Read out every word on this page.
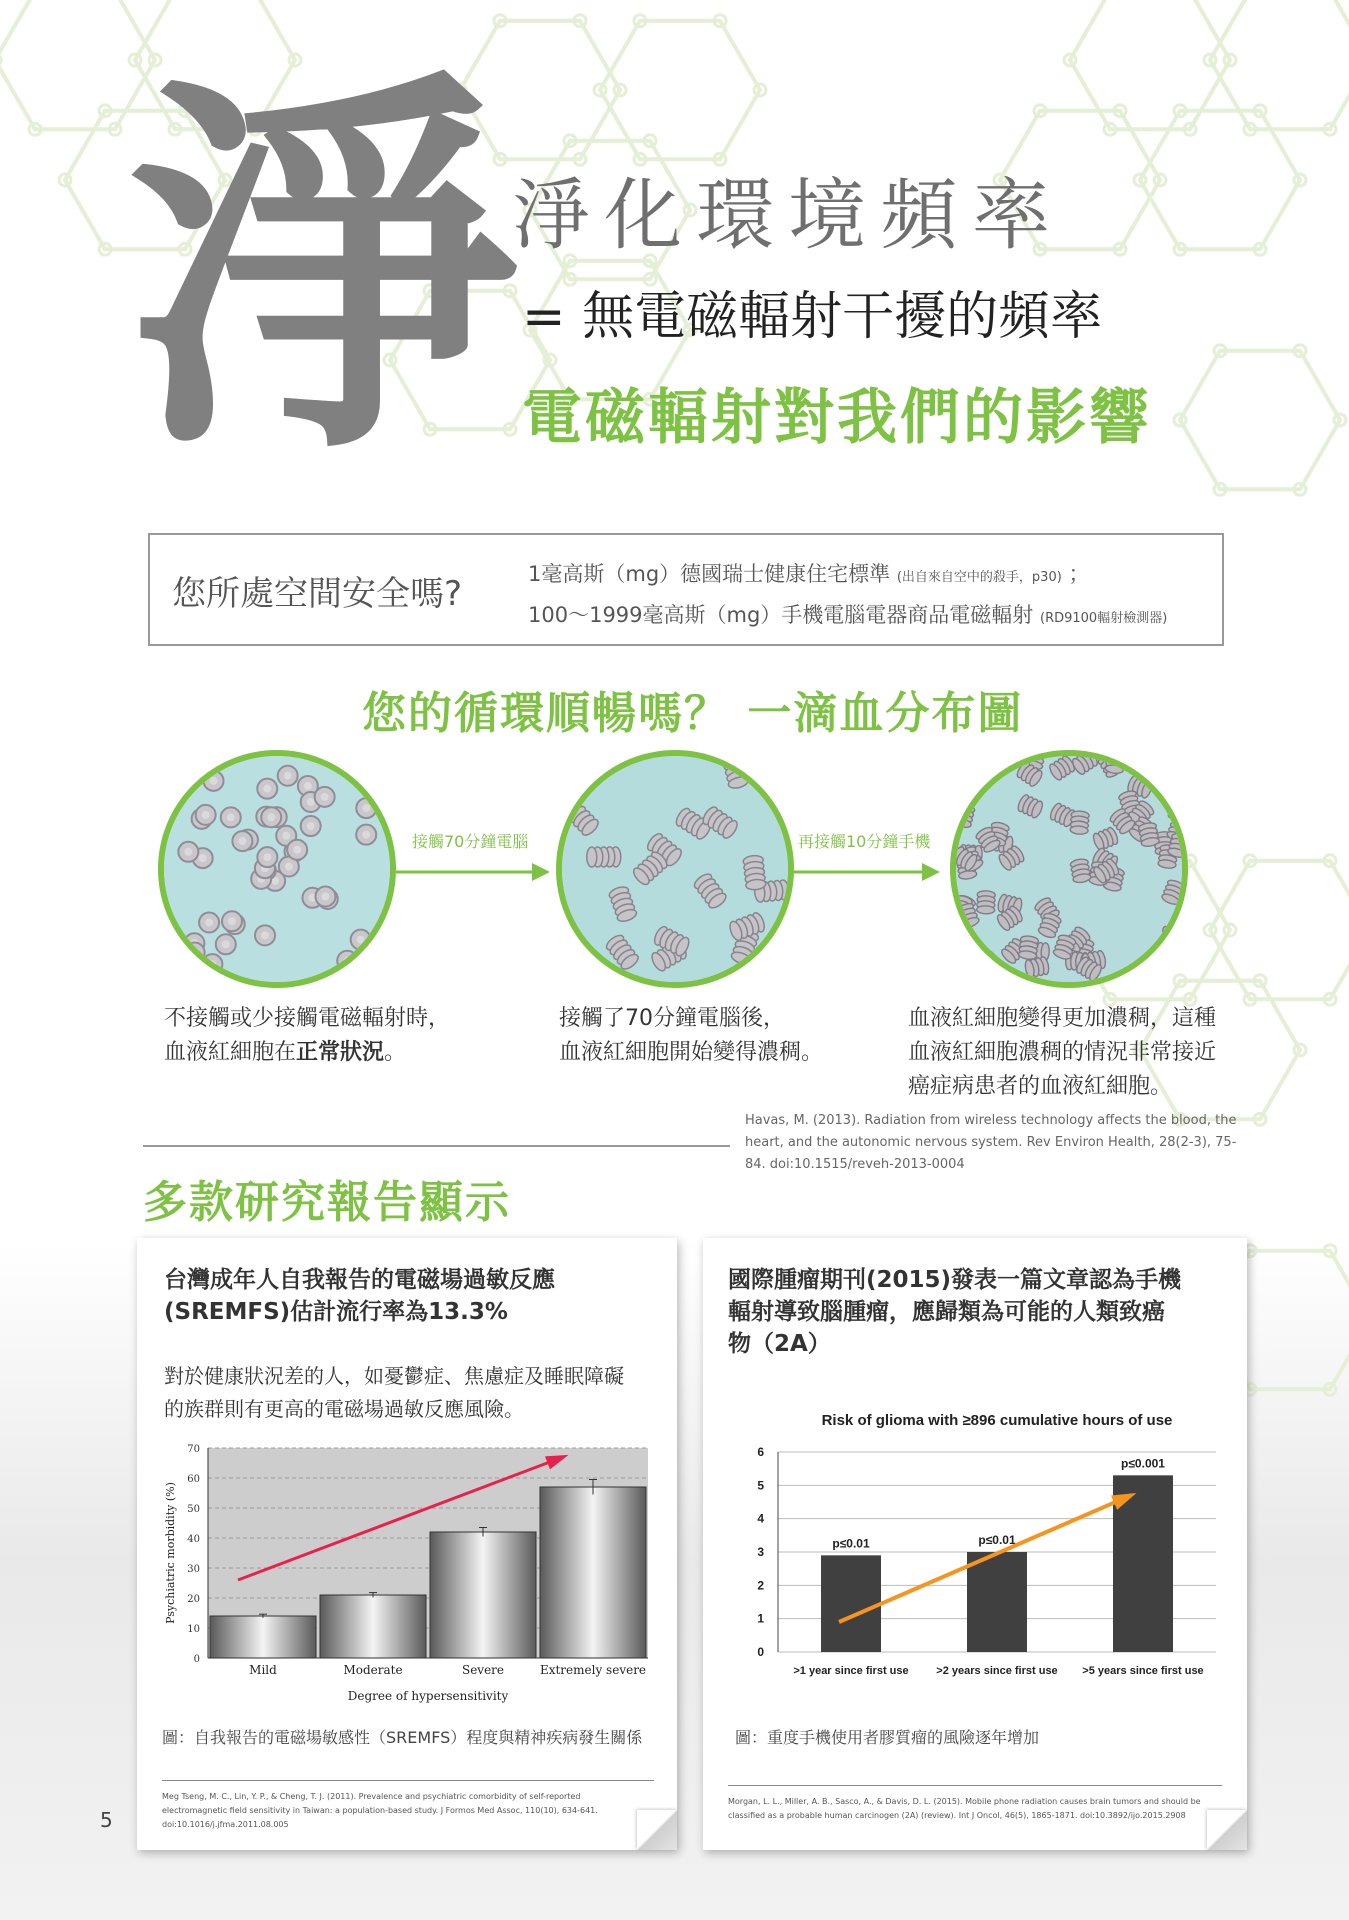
淨
淨化環境頻率
= 無電磁輻射干擾的頻率
電磁輻射對我們的影響
您所處空間安全嗎?	1毫高斯（mg）德國瑞士健康住宅標準 (出自來自空中的殺手，p30) ；
100～1999毫高斯（mg）手機電腦電器商品電磁輻射 (RD9100輻射檢測器)
您的循環順暢嗎？ 一滴血分布圖
接觸70分鐘電腦	再接觸10分鐘手機
不接觸或少接觸電磁輻射時，
血液紅細胞在正常狀況。
接觸了70分鐘電腦後，
血液紅細胞開始變得濃稠。
血液紅細胞變得更加濃稠，這種
血液紅細胞濃稠的情況非常接近
癌症病患者的血液紅細胞。
Havas, M. (2013). Radiation from wireless technology affects the blood, the heart, and the autonomic nervous system. Rev Environ Health, 28(2-3), 75-84. doi:10.1515/reveh-2013-0004
多款研究報告顯示
台灣成年人自我報告的電磁場過敏反應
(SREMFS)估計流行率為13.3%
對於健康狀況差的人，如憂鬱症、焦慮症及睡眠障礙
的族群則有更高的電磁場過敏反應風險。
0
10
20
30
40
50
60
70
Mild	Moderate	Severe	Extremely severe
Degree of hypersensitivity
Psychiatric morbidity (%)
圖：自我報告的電磁場敏感性（SREMFS）程度與精神疾病發生關係
Meg Tseng, M. C., Lin, Y. P., & Cheng, T. J. (2011). Prevalence and psychiatric comorbidity of self-reported electromagnetic field sensitivity in Taiwan: a population-based study. J Formos Med Assoc, 110(10), 634-641. doi:10.1016/j.jfma.2011.08.005
國際腫瘤期刊(2015)發表一篇文章認為手機
輻射導致腦腫瘤，應歸類為可能的人類致癌
物（2A）
Risk of glioma with ≥896 cumulative hours of use
0
1
2
3
4
5
6
p≤0.01
>1 year since first use
p≤0.01
>2 years since first use
p≤0.001
>5 years since first use
圖：重度手機使用者膠質瘤的風險逐年增加
Morgan, L. L., Miller, A. B., Sasco, A., & Davis, D. L. (2015). Mobile phone radiation causes brain tumors and should be classified as a probable human carcinogen (2A) (review). Int J Oncol, 46(5), 1865-1871. doi:10.3892/ijo.2015.2908
5
